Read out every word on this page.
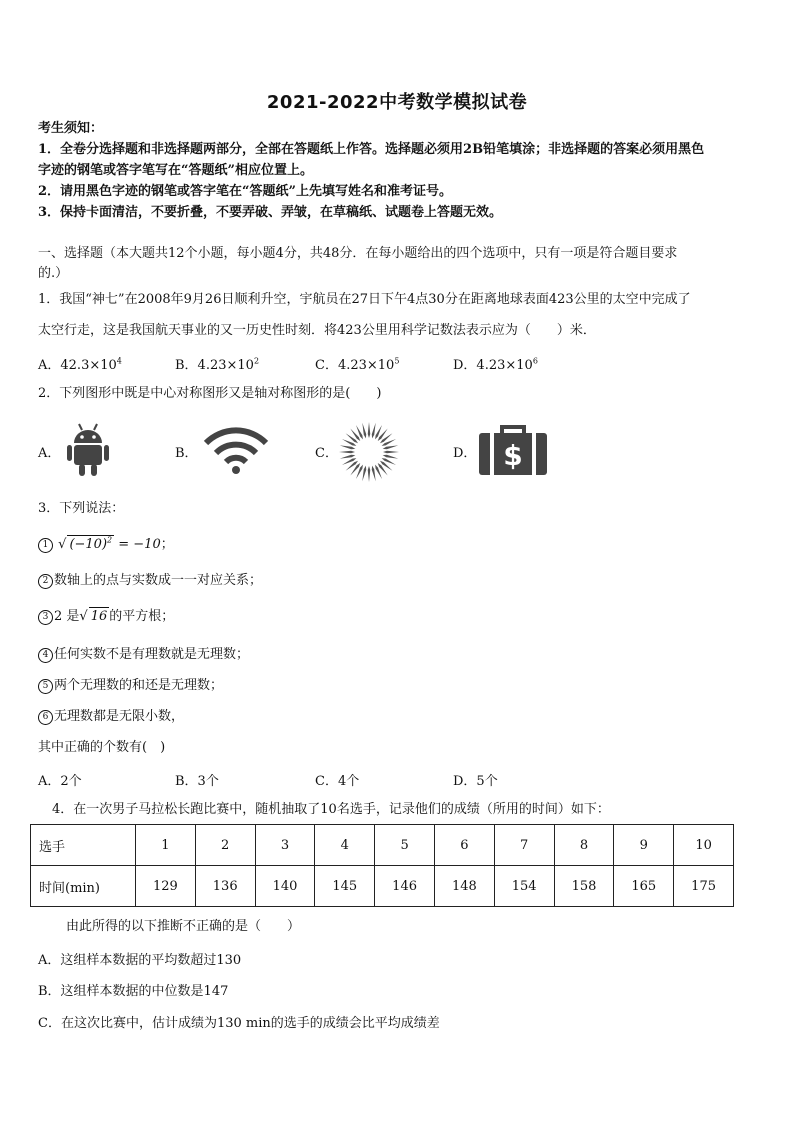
2021-2022中考数学模拟试卷
考生须知：
1．全卷分选择题和非选择题两部分，全部在答题纸上作答。选择题必须用2B铅笔填涂；非选择题的答案必须用黑色
字迹的钢笔或答字笔写在“答题纸”相应位置上。
2．请用黑色字迹的钢笔或答字笔在“答题纸”上先填写姓名和准考证号。
3．保持卡面清洁，不要折叠，不要弄破、弄皱，在草稿纸、试题卷上答题无效。
一、选择题（本大题共12个小题，每小题4分，共48分．在每小题给出的四个选项中，只有一项是符合题目要求
的.）
1．我国“神七”在2008年9月26日顺利升空，宇航员在27日下午4点30分在距离地球表面423公里的太空中完成了
太空行走，这是我国航天事业的又一历史性时刻．将423公里用科学记数法表示应为（　　）米．
A．$42.3\times 10^4$	B．$4.23\times 10^2$	C．$4.23\times 10^5$	D．$4.23\times 10^6$
2．下列图形中既是中心对称图形又是轴对称图形的是(　　)
A．	B．	C．	D． $
3．下列说法：
1 √ $(-10)^2 = -10$；
2 数轴上的点与实数成一一对应关系；
3 2 是√ 16 的平方根；
4 任何实数不是有理数就是无理数；
5 两个无理数的和还是无理数；
6 无理数都是无限小数，
其中正确的个数有(　)
A．2个	B．3个	C．4个	D．5个
4．在一次男子马拉松长跑比赛中，随机抽取了10名选手，记录他们的成绩（所用的时间）如下：
选手	1	2	3	4	5	6	7	8	9	10
时间(min)	129	136	140	145	146	148	154	158	165	175
由此所得的以下推断不正确的是（　　）
A．这组样本数据的平均数超过130
B．这组样本数据的中位数是147
C．在这次比赛中，估计成绩为130 min的选手的成绩会比平均成绩差
